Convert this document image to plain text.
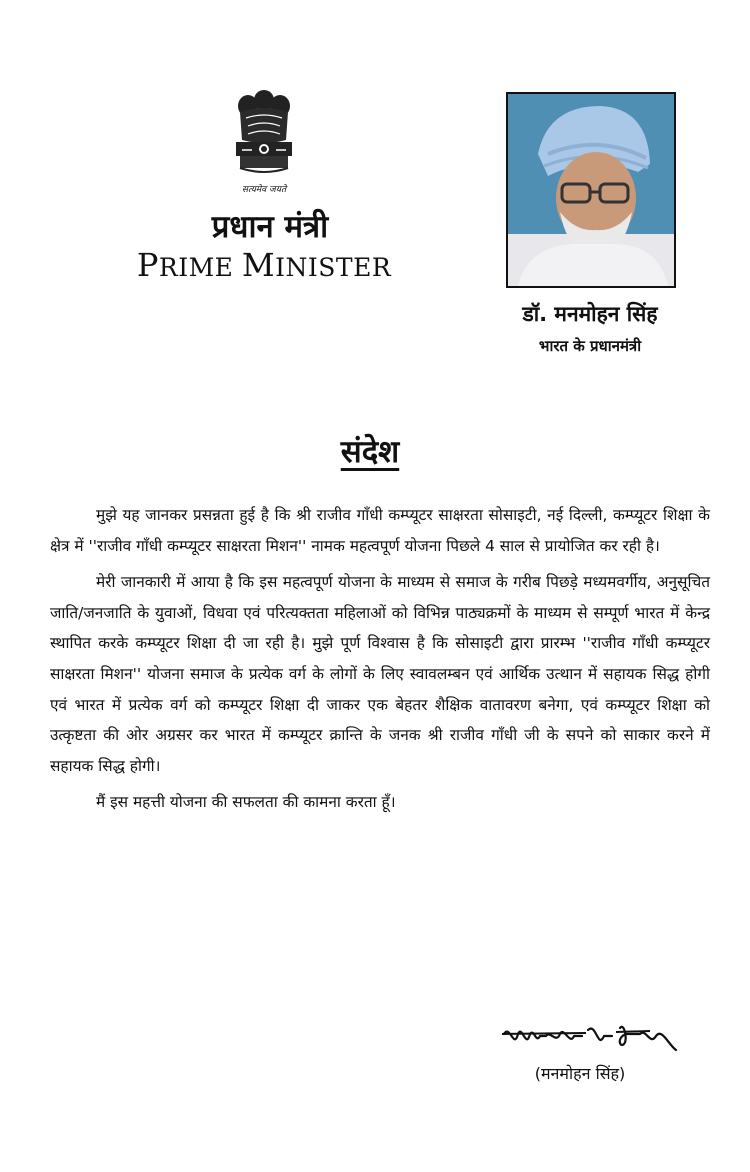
सत्यमेव जयते
प्रधान मंत्री
PRIME MINISTER
डॉ. मनमोहन सिंह
भारत के प्रधानमंत्री
संदेश

मुझे यह जानकर प्रसन्नता हुई है कि श्री राजीव गाँधी कम्प्यूटर साक्षरता सोसाइटी, नई दिल्ली, कम्प्यूटर शिक्षा के क्षेत्र में ''राजीव गाँधी कम्प्यूटर साक्षरता मिशन'' नामक महत्वपूर्ण योजना पिछले 4 साल से प्रायोजित कर रही है।

मेरी जानकारी में आया है कि इस महत्वपूर्ण योजना के माध्यम से समाज के गरीब पिछड़े मध्यमवर्गीय, अनुसूचित जाति/जनजाति के युवाओं, विधवा एवं परित्यक्तता महिलाओं को विभिन्न पाठ्यक्रमों के माध्यम से सम्पूर्ण भारत में केन्द्र स्थापित करके कम्प्यूटर शिक्षा दी जा रही है। मुझे पूर्ण विश्वास है कि सोसाइटी द्वारा प्रारम्भ ''राजीव गाँधी कम्प्यूटर साक्षरता मिशन'' योजना समाज के प्रत्येक वर्ग के लोगों के लिए स्वावलम्बन एवं आर्थिक उत्थान में सहायक सिद्ध होगी एवं भारत में प्रत्येक वर्ग को कम्प्यूटर शिक्षा दी जाकर एक बेहतर शैक्षिक वातावरण बनेगा, एवं कम्प्यूटर शिक्षा को उत्कृष्टता की ओर अग्रसर कर भारत में कम्प्यूटर क्रान्ति के जनक श्री राजीव गाँधी जी के सपने को साकार करने में सहायक सिद्ध होगी।

मैं इस महत्ती योजना की सफलता की कामना करता हूँ।

(मनमोहन सिंह)
